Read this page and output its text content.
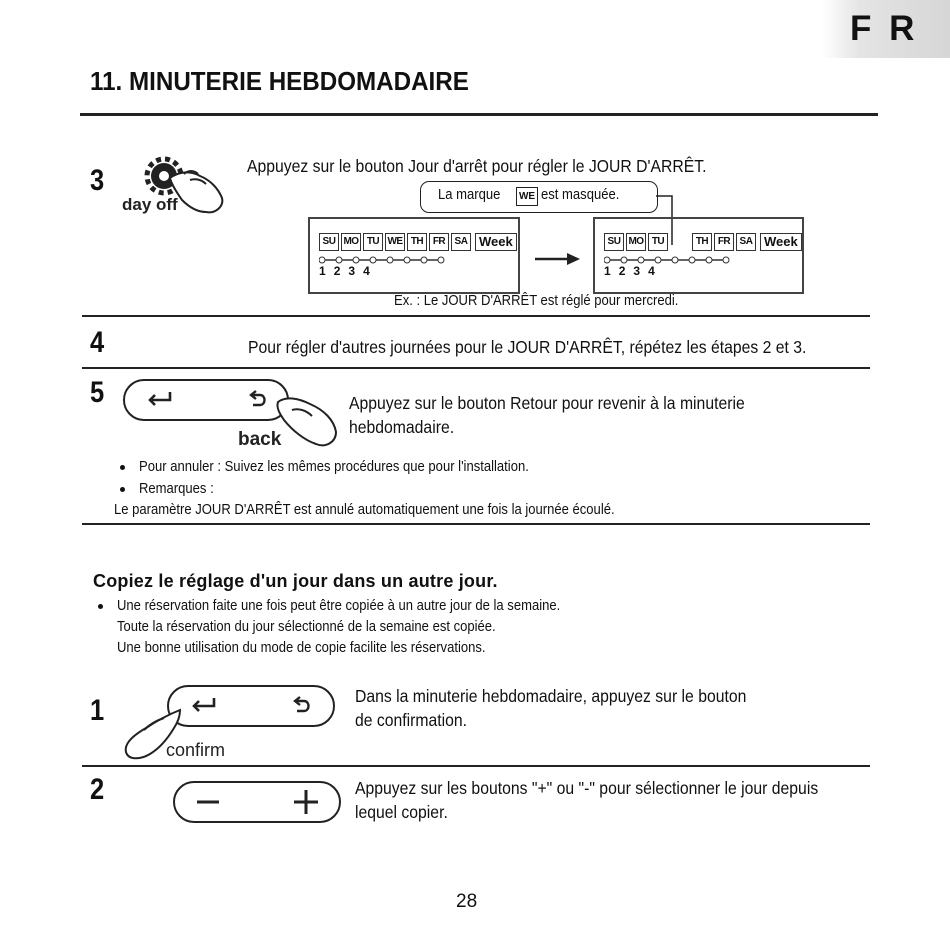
F R
11. MINUTERIE HEBDOMADAIRE
3
day off
Appuyez sur le bouton Jour d'arrêt pour régler le JOUR D'ARRÊT.
La marque WE est masquée.
SU MO TU WE TH FR SA Week
1 2 3 4
SU MO TU	TH FR SA Week
1 2 3 4
Ex. : Le JOUR D'ARRÊT est réglé pour mercredi.
4	Pour régler d'autres journées pour le JOUR D'ARRÊT, répétez les étapes 2 et 3.
5
back
Appuyez sur le bouton Retour pour revenir à la minuterie
hebdomadaire.
Pour annuler : Suivez les mêmes procédures que pour l'installation.
Remarques :
Le paramètre JOUR D'ARRÊT est annulé automatiquement une fois la journée écoulé.
Copiez le réglage d'un jour dans un autre jour.
Une réservation faite une fois peut être copiée à un autre jour de la semaine.
Toute la réservation du jour sélectionné de la semaine est copiée.
Une bonne utilisation du mode de copie facilite les réservations.
1
confirm
Dans la minuterie hebdomadaire, appuyez sur le bouton
de confirmation.
2	Appuyez sur les boutons "+" ou "-" pour sélectionner le jour depuis
lequel copier.
28
